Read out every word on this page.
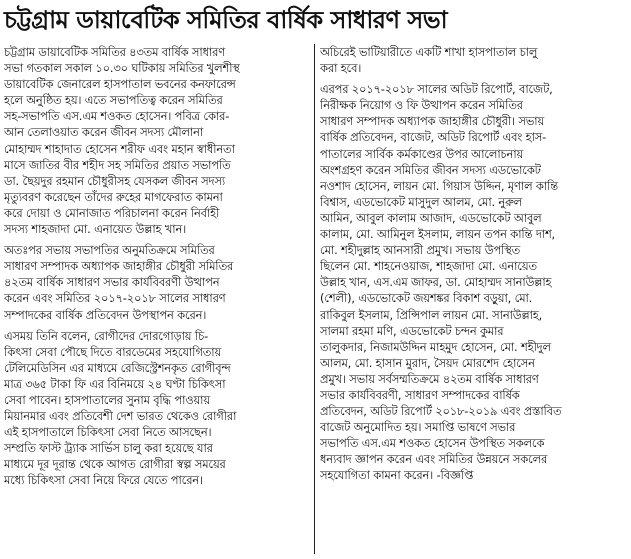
চট্টগ্রাম ডায়াবেটিক সমিতির বার্ষিক সাধারণ সভা
চট্টগ্রাম ডায়াবেটিক সমিতির ৪৩তম বার্ষিক সাধারণ
সভা গতকাল সকাল ১০.৩০ ঘটিকায় সমিতির খুলশীস্থ
ডায়াবেটিক জেনারেল হাসপাতাল ভবনের কনফারেন্স
হলে অনুষ্ঠিত হয়। এতে সভাপতিত্ব করেন সমিতির
সহ-সভাপতি এস.এম শওকত হোসেন। পবিত্র কোর-
আন তেলাওয়াত করেন জীবন সদস্য মৌলানা
মোহাম্মদ শাহাদাত হোসেন শরীফ এবং মহান স্বাধীনতা
মাসে জাতির বীর শহীদ সহ সমিতির প্রয়াত সভাপতি
ডা. ছৈয়দুর রহমান চৌধুরীসহ যেসকল জীবন সদস্য
মৃত্যুবরণ করেছেন তাঁদের রুহের মাগফেরাত কামনা
করে দোয়া ও মোনাজাত পরিচালনা করেন নির্বাহী
সদস্য শাহজাদা মো. এনায়েত উল্লাহ খান।
অতঃপর সভায় সভাপতির অনুমতিক্রমে সমিতির
সাধারণ সম্পাদক অধ্যাপক জাহাঙ্গীর চৌধুরী সমিতির
৪২তম বার্ষিক সাধারণ সভার কার্যবিবরণী উত্থাপন
করেন এবং সমিতির ২০১৭-২০১৮ সালের সাধারণ
সম্পাদকের বার্ষিক প্রতিবেদন উপস্থাপন করেন।
এসময় তিনি বলেন, রোগীদের দোরগোড়ায় চি-
কিৎসা সেবা পৌছে দিতে বারডেমের সহযোগিতায়
টেলিমেডিসিন এর মাধ্যমে রেজিস্ট্রেশনকৃত রোগীবৃন্দ
মাত্র ৩৬৫ টাকা ফি এর বিনিময়ে ২৪ ঘণ্টা চিকিৎসা
সেবা পাবেন। হাসপাতালের সুনাম বৃদ্ধি পাওয়ায়
মিয়ানমার এবং প্রতিবেশী দেশ ভারত থেকেও রোগীরা
এই হাসপাতালে চিকিৎসা সেবা নিতে আসছেন।
সম্প্রতি ফাস্ট ট্র্যাক সার্ভিস চালু করা হয়েছে যার
মাধ্যমে দূর দূরান্ত থেকে আগত রোগীরা স্বল্প সময়ের
মধ্যে চিকিৎসা সেবা নিয়ে ফিরে যেতে পারেন।
অচিরেই ভাটিয়ারীতে একটি শাখা হাসপাতাল চালু
করা হবে।
এরপর ২০১৭-২০১৮ সালের অডিট রিপোর্ট, বাজেট,
নিরীক্ষক নিয়োগ ও ফি উত্থাপন করেন সমিতির
সাধারণ সম্পাদক অধ্যাপক জাহাঙ্গীর চৌধুরী। সভায়
বার্ষিক প্রতিবেদন, বাজেট, অডিট রিপোর্ট এবং হাস-
পাতালের সার্বিক কর্মকাণ্ডের উপর আলোচনায়
অংশগ্রহণ করেন সমিতির জীবন সদস্য এডভোকেট
নওশাদ হোসেন, লায়ন মো. গিয়াস উদ্দিন, মৃণাল কান্তি
বিশ্বাস, এডভোকেট মাসুদুল আলম, মো. নুরুল
আমিন, আবুল কালাম আজাদ, এডভোকেট আবুল
কালাম, মো. আমিনুল ইসলাম, লায়ন তপন কান্তি দাশ,
মো. শহীদুল্লাহ আনসারী প্রমুখ। সভায় উপস্থিত
ছিলেন মো. শাহনেওয়াজ, শাহজাদা মো. এনায়েত
উল্লাহ খান, এস.এম জাফর, ডা. মোহাম্মদ সানাউল্লাহ
(শেলী), এডভোকেট জয়শঙ্কর বিকাশ বড়ুয়া, মো.
রাকিবুল ইসলাম, প্রিন্সিপাল লায়ন মো. সানাউল্লাহ,
সালমা রহমা মণি, এডভোকেট চন্দন কুমার
তালুকদার, নিজামউদ্দিন মাহমুদ হোসেন, মো. শহীদুল
আলম, মো. হাসান মুরাদ, সৈয়দ মোরশেদ হোসেন
প্রমুখ। সভায় সর্বসম্মতিক্রমে ৪২তম বার্ষিক সাধারণ
সভার কার্যবিবরণী, সাধারণ সম্পাদকের বার্ষিক
প্রতিবেদন, অডিট রিপোর্ট ২০১৮-২০১৯ এবং প্রস্তাবিত
বাজেট অনুমোদিত হয়। সমাপ্তি ভাষণে সভার
সভাপতি এস.এম শওকত হোসেন উপস্থিত সকলকে
ধন্যবাদ জ্ঞাপন করেন এবং সমিতির উন্নয়নে সকলের
সহযোগিতা কামনা করেন। -বিজ্ঞপ্তি
